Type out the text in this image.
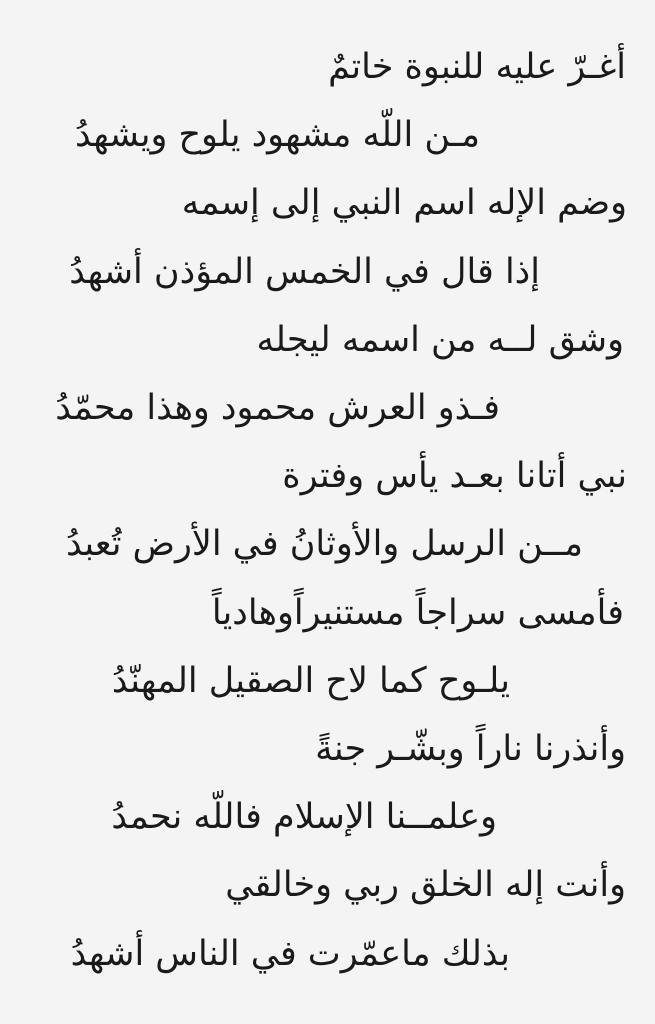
أغـرّ عليه للنبوة خاتمٌ
مـن اللّه مشهود يلوح ويشهدُ
وضم الإله اسم النبي إلى إسمه
إذا قال في الخمس المؤذن أشهدُ
وشق لــه من اسمه ليجله
فـذو العرش محمود وهذا محمّدُ
نبي أتانا بعـد يأس وفترة
مــن الرسل والأوثانُ في الأرض تُعبدُ
فأمسى سراجاً مستنيراًوهادياً
يلـوح كما لاح الصقيل المهنّدُ
وأنذرنا ناراً وبشّـر جنةً
وعلمــنا الإسلام فاللّه نحمدُ
وأنت إله الخلق ربي وخالقي
بذلك ماعمّرت في الناس أشهدُ
